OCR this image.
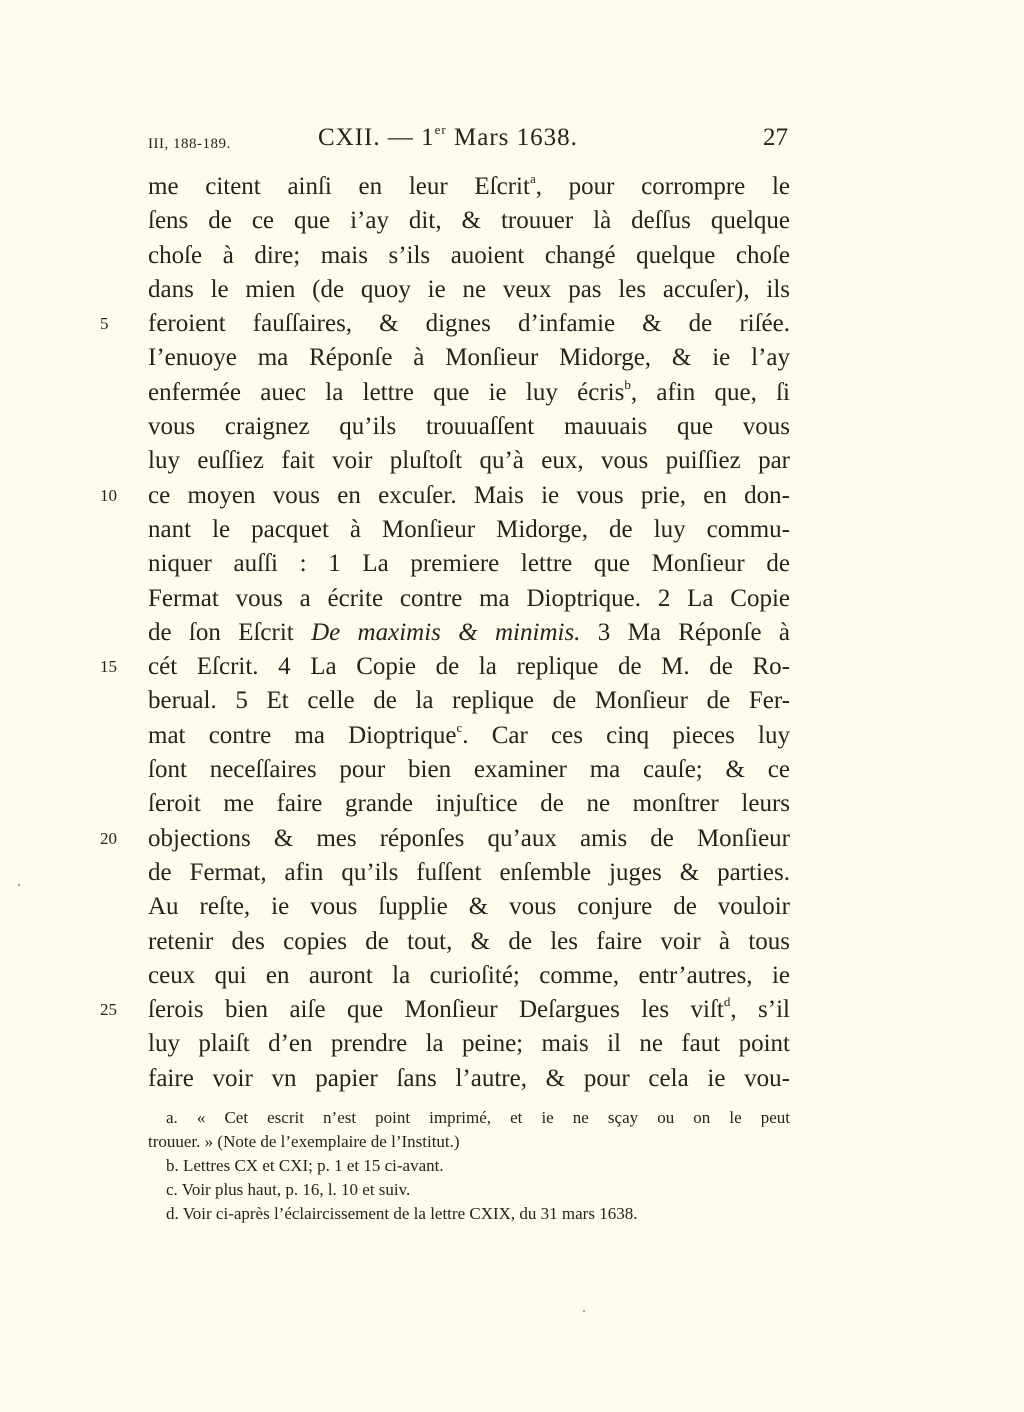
III, 188-189.	CXII. — 1er Mars 1638.	27
me citent ainſi en leur Eſcrit$^a$, pour corrompre le
ſens de ce que i’ay dit, & trouuer là deſſus quelque
choſe à dire; mais s’ils auoient changé quelque choſe
dans le mien (de quoy ie ne veux pas les accuſer), ils
5	feroient fauſſaires, & dignes d’infamie & de riſée.
I’enuoye ma Réponſe à Monſieur Midorge, & ie l’ay
enfermée auec la lettre que ie luy écris$^b$, afin que, ſi
vous craignez qu’ils trouuaſſent mauuais que vous
luy euſſiez fait voir pluſtoſt qu’à eux, vous puiſſiez par
10	ce moyen vous en excuſer. Mais ie vous prie, en don-
nant le pacquet à Monſieur Midorge, de luy commu-
niquer auſſi : 1 La premiere lettre que Monſieur de
Fermat vous a écrite contre ma Dioptrique. 2 La Copie
de ſon Eſcrit De maximis & minimis. 3 Ma Réponſe à
15	cét Eſcrit. 4 La Copie de la replique de M. de Ro-
berual. 5 Et celle de la replique de Monſieur de Fer-
mat contre ma Dioptrique$^c$. Car ces cinq pieces luy
ſont neceſſaires pour bien examiner ma cauſe; & ce
ſeroit me faire grande injuſtice de ne monſtrer leurs
20	objections & mes réponſes qu’aux amis de Monſieur
de Fermat, afin qu’ils fuſſent enſemble juges & parties.
Au reſte, ie vous ſupplie & vous conjure de vouloir
retenir des copies de tout, & de les faire voir à tous
ceux qui en auront la curioſité; comme, entr’autres, ie
25	ſerois bien aiſe que Monſieur Deſargues les viſt$^d$, s’il
luy plaiſt d’en prendre la peine; mais il ne faut point
faire voir vn papier ſans l’autre, & pour cela ie vou-
a. « Cet escrit n’est point imprimé, et ie ne sçay ou on le peut
trouuer. » (Note de l’exemplaire de l’Institut.)
b. Lettres CX et CXI; p. 1 et 15 ci-avant.
c. Voir plus haut, p. 16, l. 10 et suiv.
d. Voir ci-après l’éclaircissement de la lettre CXIX, du 31 mars 1638.
